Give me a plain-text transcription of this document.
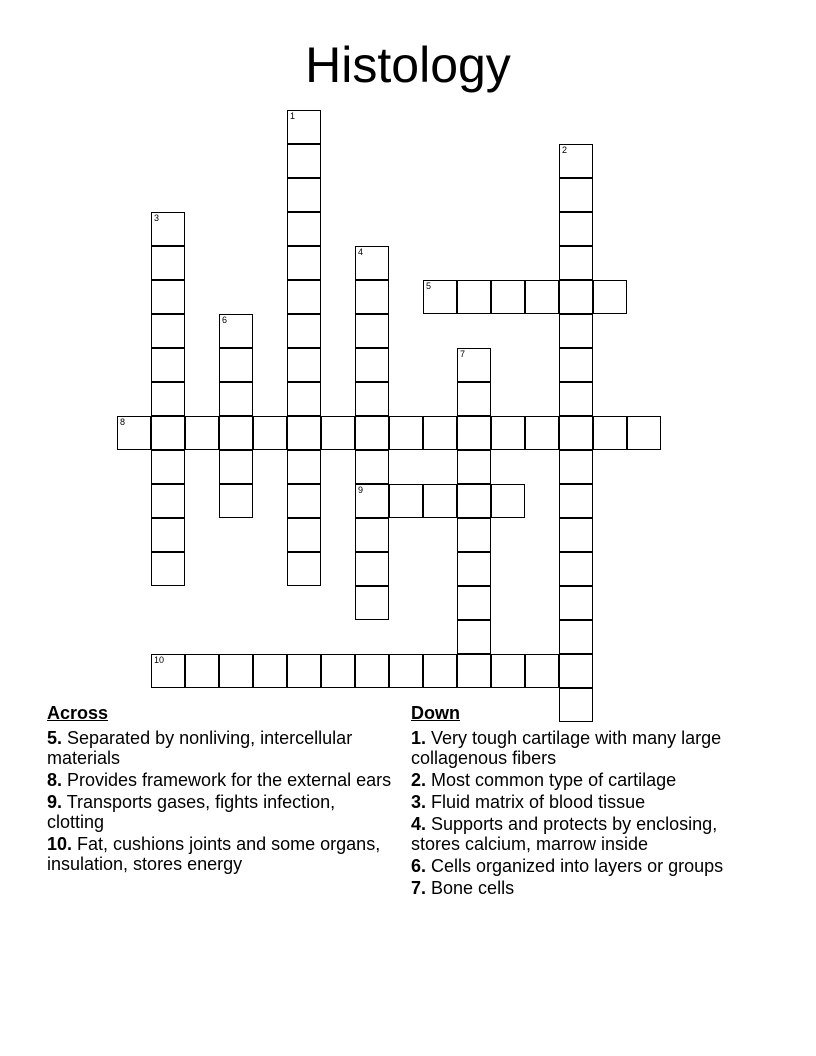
Histology
1
2
3
4
9
5
6
7
8
10
Across
5. Separated by nonliving, intercellular materials
8. Provides framework for the external ears
9. Transports gases, fights infection, clotting
10. Fat, cushions joints and some organs, insulation, stores energy
Down
1. Very tough cartilage with many large collagenous fibers
2. Most common type of cartilage
3. Fluid matrix of blood tissue
4. Supports and protects by enclosing, stores calcium, marrow inside
6. Cells organized into layers or groups
7. Bone cells
